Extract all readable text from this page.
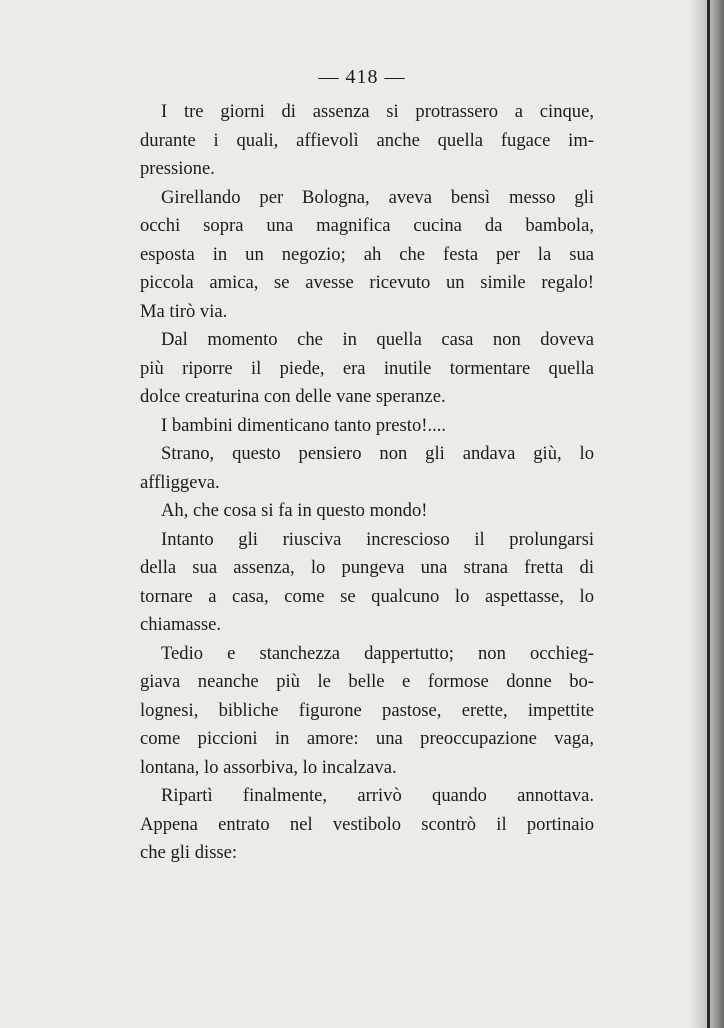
— 418 —
I tre giorni di assenza si protrassero a cinque,
durante i quali, affievolì anche quella fugace im-
pressione.
Girellando per Bologna, aveva bensì messo gli
occhi sopra una magnifica cucina da bambola,
esposta in un negozio; ah che festa per la sua
piccola amica, se avesse ricevuto un simile regalo!
Ma tirò via.
Dal momento che in quella casa non doveva
più riporre il piede, era inutile tormentare quella
dolce creaturina con delle vane speranze.
I bambini dimenticano tanto presto!....
Strano, questo pensiero non gli andava giù, lo
affliggeva.
Ah, che cosa si fa in questo mondo!
Intanto gli riusciva increscioso il prolungarsi
della sua assenza, lo pungeva una strana fretta di
tornare a casa, come se qualcuno lo aspettasse, lo
chiamasse.
Tedio e stanchezza dappertutto; non occhieg-
giava neanche più le belle e formose donne bo-
lognesi, bibliche figurone pastose, erette, impettite
come piccioni in amore: una preoccupazione vaga,
lontana, lo assorbiva, lo incalzava.
Ripartì finalmente, arrivò quando annottava.
Appena entrato nel vestibolo scontrò il portinaio
che gli disse:
